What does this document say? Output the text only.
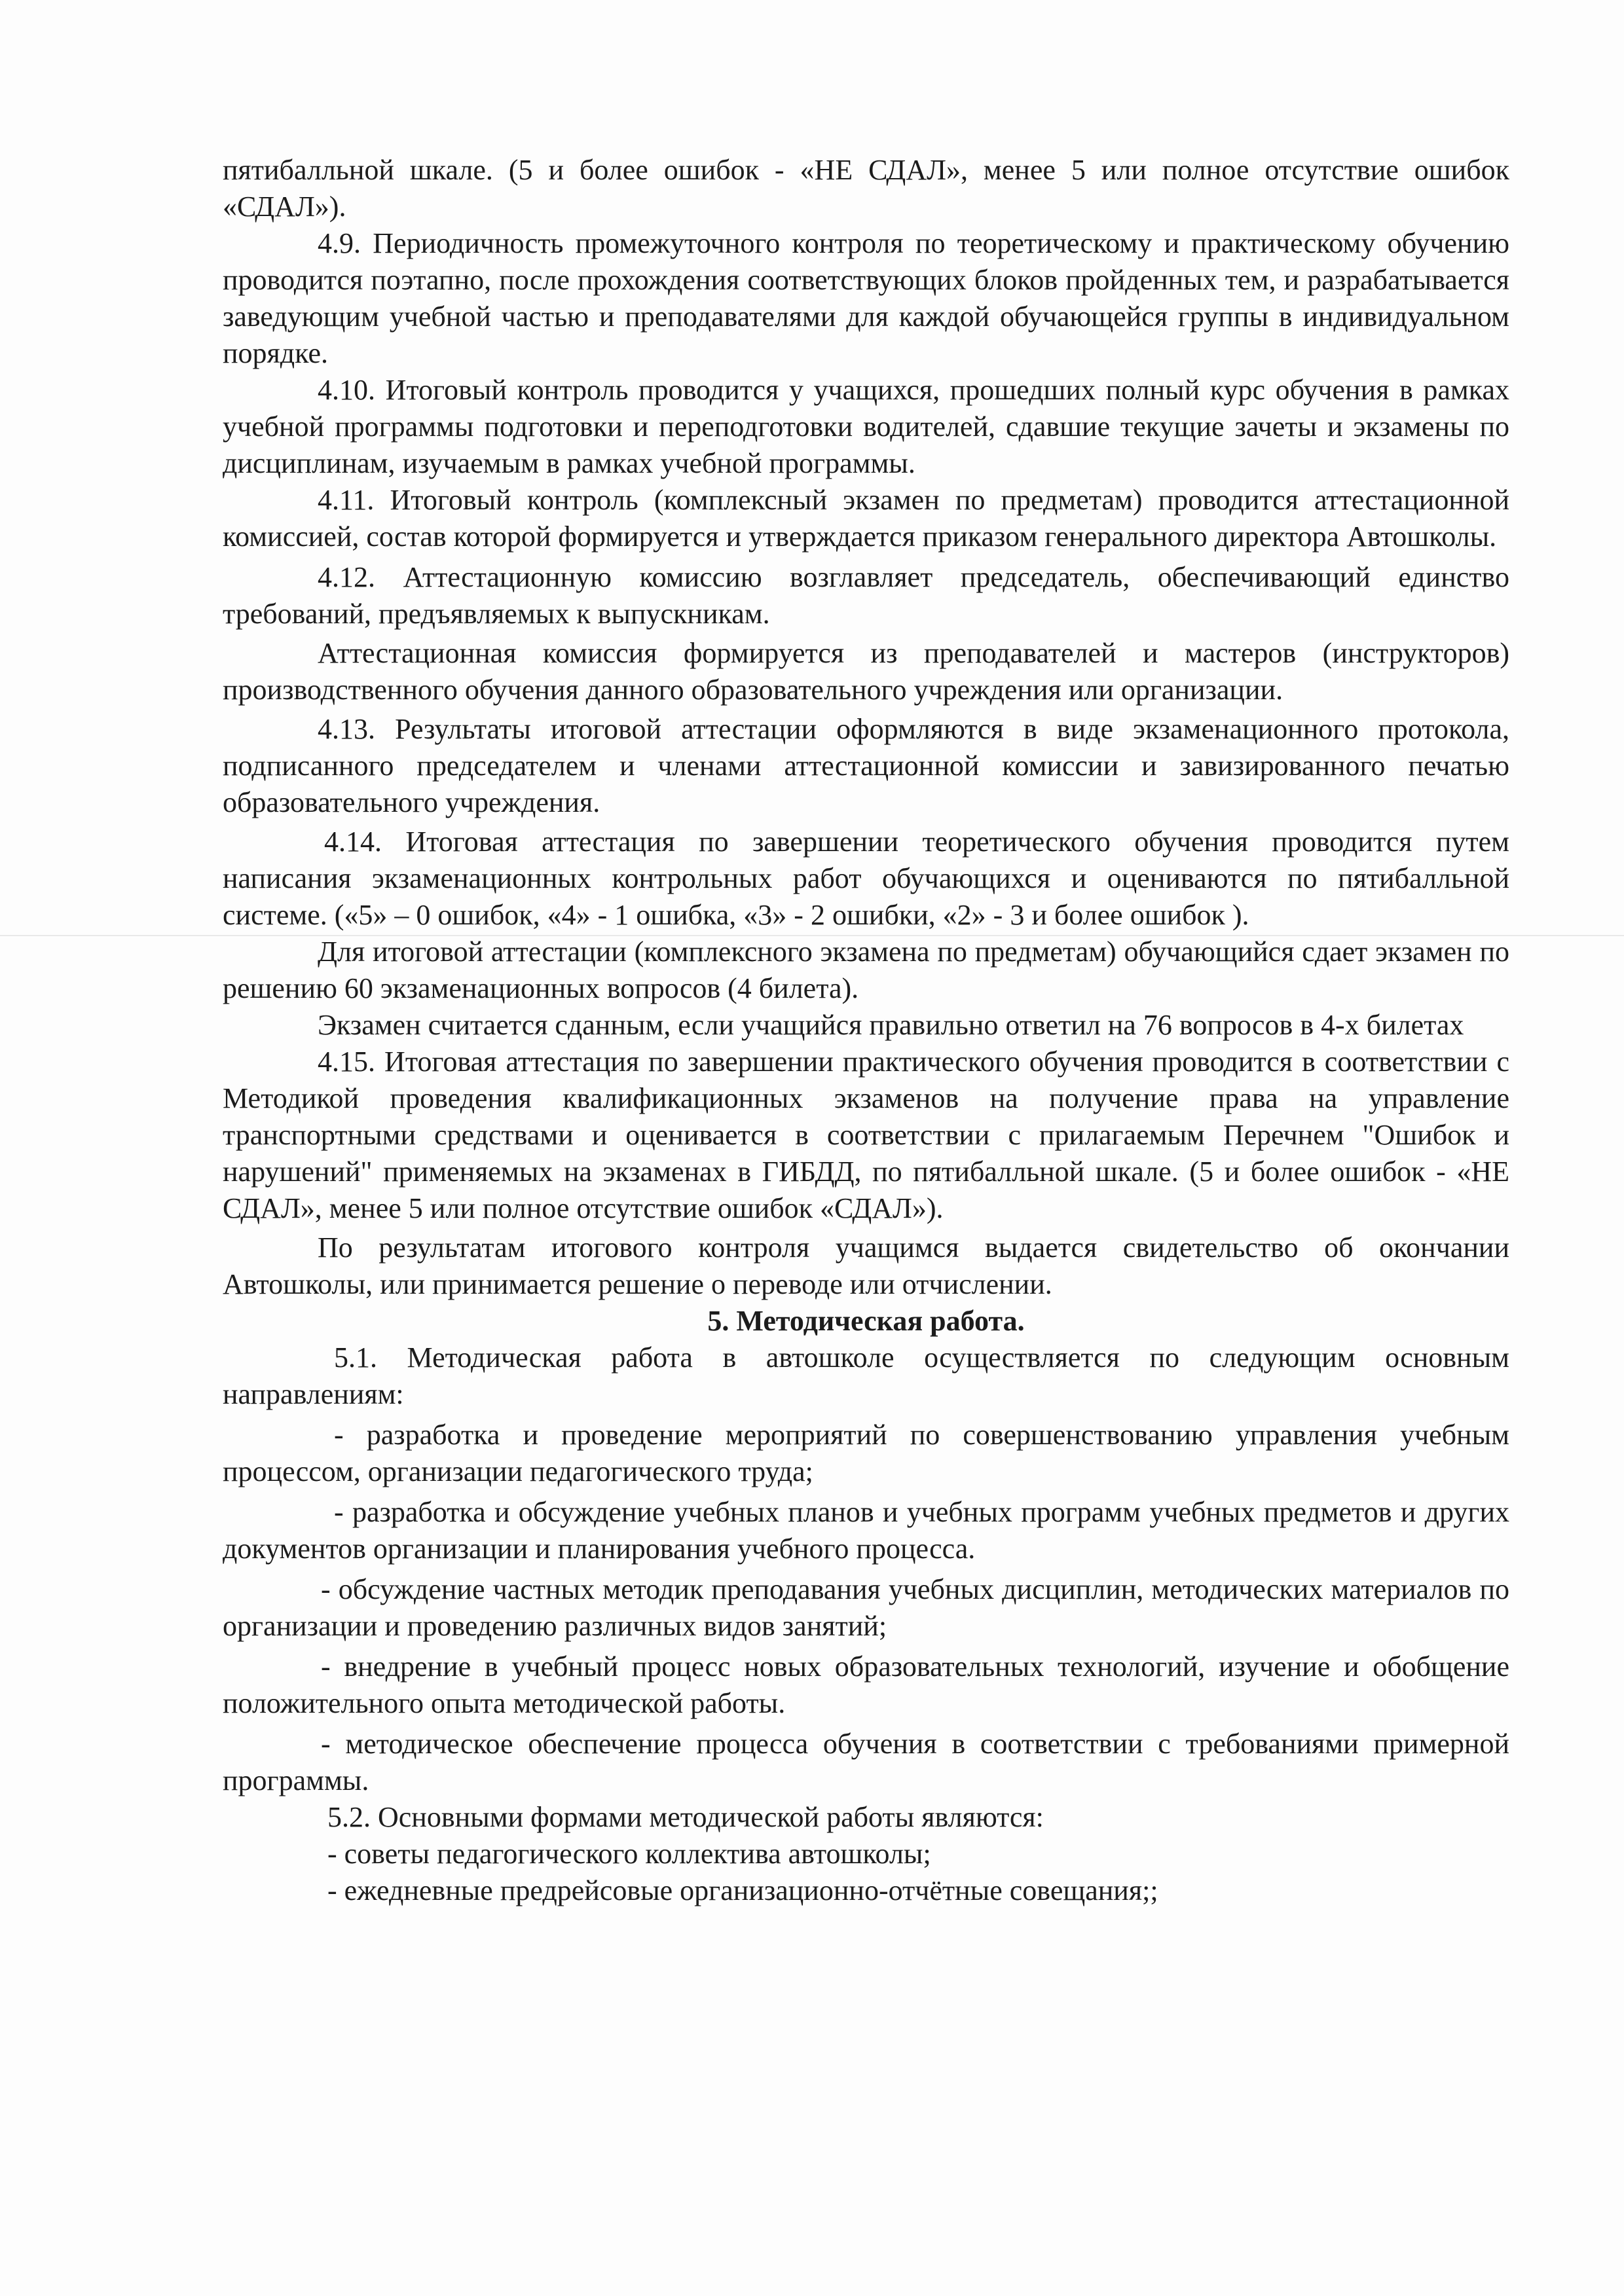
пятибалльной шкале. (5 и более ошибок - «НЕ СДАЛ», менее 5 или полное отсутствие ошибок «СДАЛ»).

4.9. Периодичность промежуточного контроля по теоретическому и практическому обучению проводится поэтапно, после прохождения соответствующих блоков пройденных тем, и разрабатывается заведующим учебной частью и преподавателями для каждой обучающейся группы в индивидуальном порядке.

4.10. Итоговый контроль проводится у учащихся, прошедших полный курс обучения в рамках учебной программы подготовки и переподготовки водителей, сдавшие текущие зачеты и экзамены по дисциплинам, изучаемым в рамках учебной программы.

4.11. Итоговый контроль (комплексный экзамен по предметам) проводится аттестационной комиссией, состав которой формируется и утверждается приказом генерального директора Автошколы.

4.12. Аттестационную комиссию возглавляет председатель, обеспечивающий единство требований, предъявляемых к выпускникам.

Аттестационная комиссия формируется из преподавателей и мастеров (инструкторов) производственного обучения данного образовательного учреждения или организации.

4.13. Результаты итоговой аттестации оформляются в виде экзаменационного протокола, подписанного председателем и членами аттестационной комиссии и завизированного печатью образовательного учреждения.

4.14. Итоговая аттестация по завершении теоретического обучения проводится путем написания экзаменационных контрольных работ обучающихся и оцениваются по пятибалльной системе. («5» – 0 ошибок, «4» - 1 ошибка, «3» - 2 ошибки, «2» - 3 и более ошибок ).

Для итоговой аттестации (комплексного экзамена по предметам) обучающийся сдает экзамен по решению 60 экзаменационных вопросов (4 билета).

Экзамен считается сданным, если учащийся правильно ответил на 76 вопросов в 4-х билетах

4.15. Итоговая аттестация по завершении практического обучения проводится в соответствии с Методикой проведения квалификационных экзаменов на получение права на управление транспортными средствами и оценивается в соответствии с прилагаемым Перечнем "Ошибок и нарушений" применяемых на экзаменах в ГИБДД, по пятибалльной шкале. (5 и более ошибок - «НЕ СДАЛ», менее 5 или полное отсутствие ошибок «СДАЛ»).

По результатам итогового контроля учащимся выдается свидетельство об окончании Автошколы, или принимается решение о переводе или отчислении.

5. Методическая работа.

5.1. Методическая работа в автошколе осуществляется по следующим основным направлениям:

- разработка и проведение мероприятий по совершенствованию управления учебным процессом, организации педагогического труда;

- разработка и обсуждение учебных планов и учебных программ учебных предметов и других документов организации и планирования учебного процесса.

- обсуждение частных методик преподавания учебных дисциплин, методических материалов по организации и проведению различных видов занятий;

- внедрение в учебный процесс новых образовательных технологий, изучение и обобщение положительного опыта методической работы.

- методическое обеспечение процесса обучения в соответствии с требованиями примерной программы.

5.2. Основными формами методической работы являются:

- советы педагогического коллектива автошколы;

- ежедневные предрейсовые организационно-отчётные совещания;;
